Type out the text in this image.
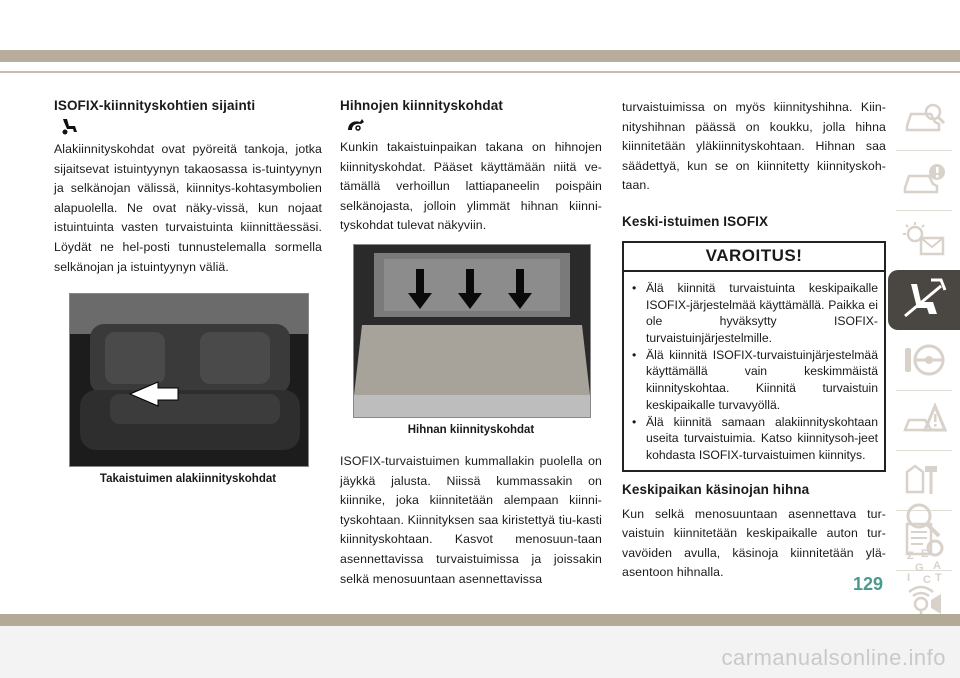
ISOFIX-kiinnityskohtien sijainti

Alakiinnityskohdat ovat pyöreitä tankoja, jotka sijaitsevat istuintyynyn takaosassa is-tuintyynyn ja selkänojan välissä, kiinnitys-kohtasymbolien alapuolella. Ne ovat näky-vissä, kun nojaat istuintuinta vasten turvaistuinta kiinnittäessäsi. Löydät ne hel-posti tunnustelemalla sormella selkänojan ja istuintyynyn väliä.

Takaistuimen alakiinnityskohdat
Hihnojen kiinnityskohdat

Kunkin takaistuinpaikan takana on hihnojen kiinnityskohdat. Pääset käyttämään niitä ve-tämällä verhoillun lattiapaneelin poispäin selkänojasta, jolloin ylimmät hihnan kiinni-tyskohdat tulevat näkyviin.

Hihnan kiinnityskohdat

ISOFIX-turvaistuimen kummallakin puolella on jäykkä jalusta. Niissä kummassakin on kiinnike, joka kiinnitetään alempaan kiinni-tyskohtaan. Kiinnityksen saa kiristettyä tiu-kasti kiinnityskohtaan. Kasvot menosuun-taan asennettavissa turvaistuimissa ja joissakin selkä menosuuntaan asennettavissa

turvaistuimissa on myös kiinnityshihna. Kiin-nityshihnan päässä on koukku, jolla hihna kiinnitetään yläkiinnityskohtaan. Hihnan saa säädettyä, kun se on kiinnitetty kiinnityskoh-taan.

Keski-istuimen ISOFIX
VAROITUS!
• Älä kiinnitä turvaistuinta keskipaikalle ISOFIX-järjestelmää käyttämällä. Paikka ei ole hyväksytty ISOFIX-turvaistuinjärjestelmille.
• Älä kiinnitä ISOFIX-turvaistuinjärjestelmää käyttämällä vain keskimmäistä kiinnityskohtaa. Kiinnitä turvaistuin keskipaikalle turvavyöllä.
• Älä kiinnitä samaan alakiinnityskohtaan useita turvaistuimia. Katso kiinnitysoh-jeet kohdasta ISOFIX-turvaistuimen kiinnitys.
Keskipaikan käsinojan hihna

Kun selkä menosuuntaan asennettava tur-vaistuin kiinnitetään keskipaikalle auton tur-vavöiden avulla, käsinoja kiinnitetään ylä-asentoon hihnalla.

Z E
G A
I C T
129
carmanualsonline.info
